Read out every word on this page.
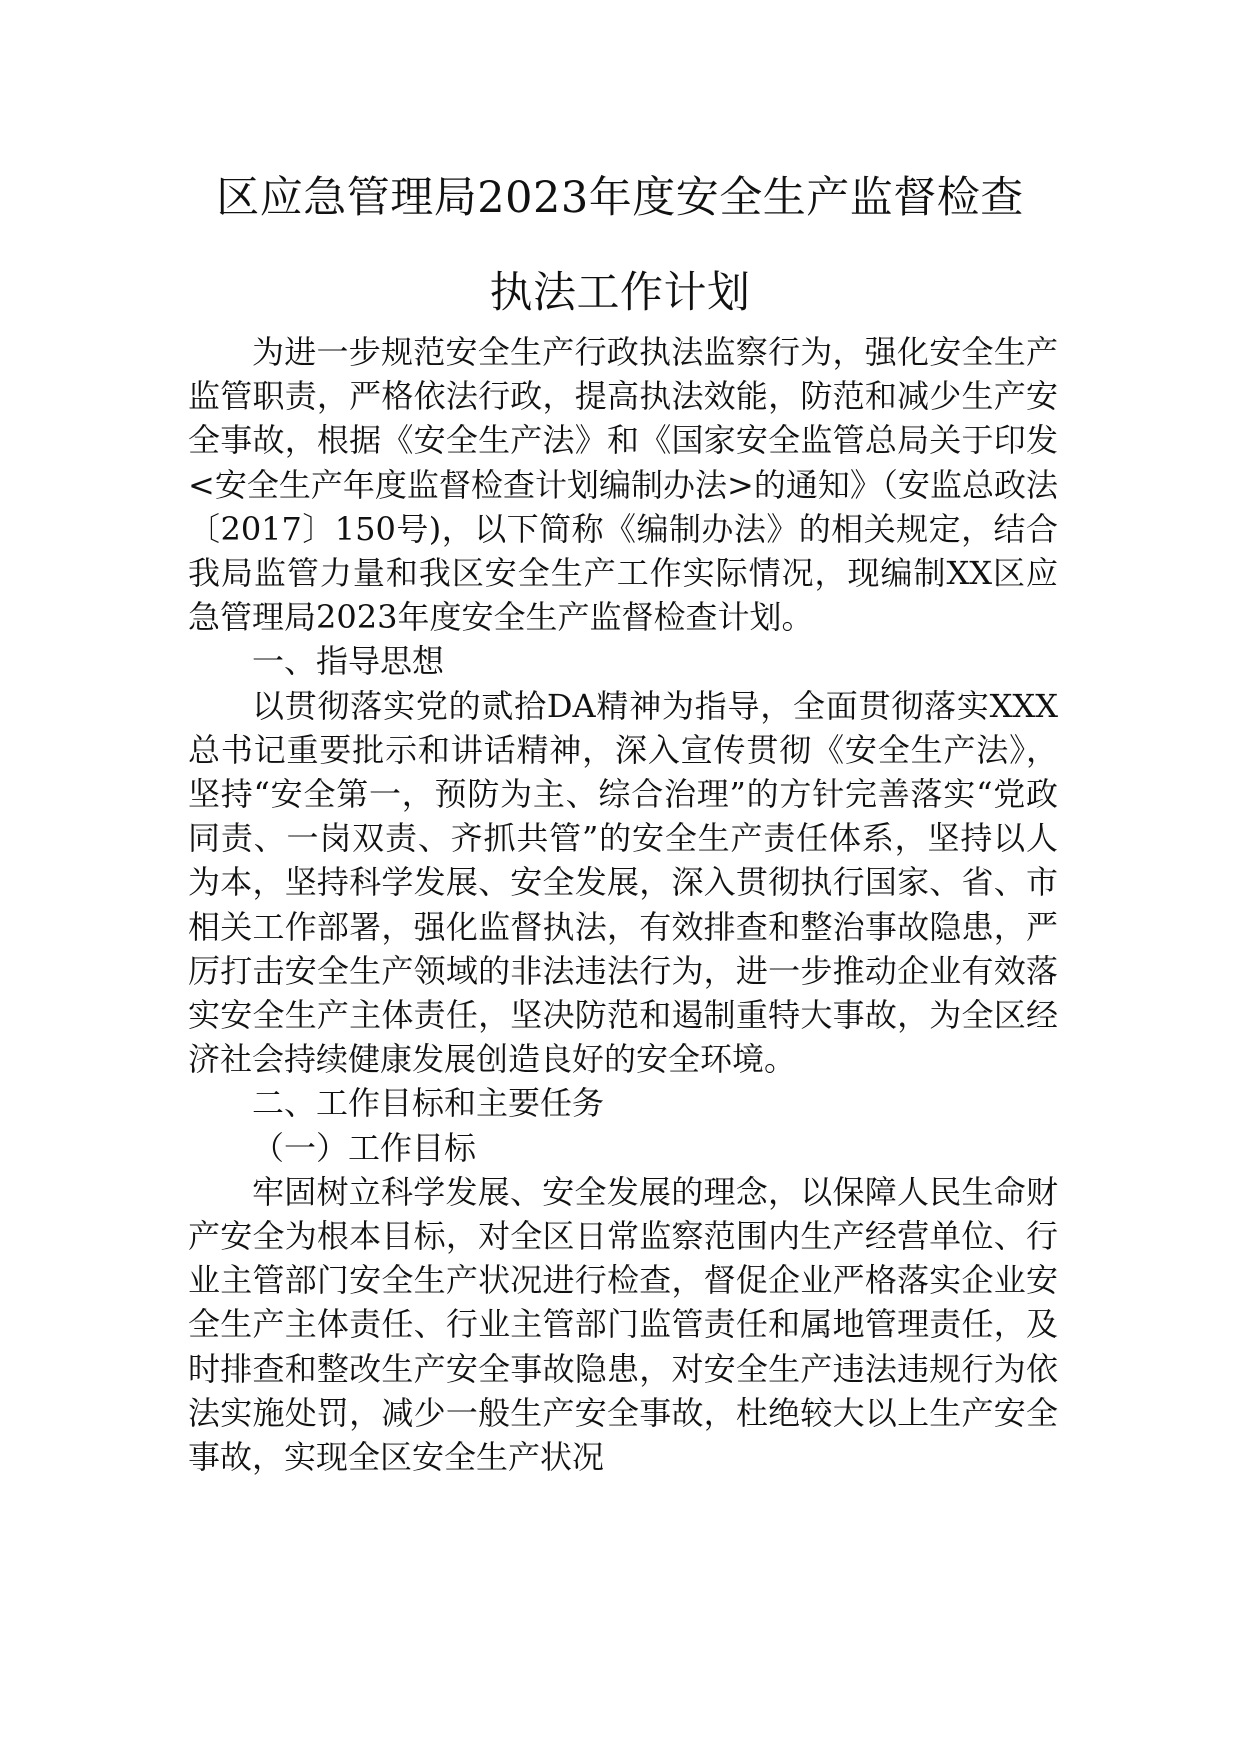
区应急管理局2023年度安全生产监督检查
执法工作计划

为进一步规范安全生产行政执法监察行为，强化安全生产监管职责，严格依法行政，提高执法效能，防范和减少生产安全事故，根据《安全生产法》和《国家安全监管总局关于印发<安全生产年度监督检查计划编制办法>的通知》（安监总政法〔2017〕150号)，以下简称《编制办法》的相关规定，结合我局监管力量和我区安全生产工作实际情况，现编制XX区应急管理局2023年度安全生产监督检查计划。

一、指导思想

以贯彻落实党的贰拾DA精神为指导，全面贯彻落实XXX总书记重要批示和讲话精神，深入宣传贯彻《安全生产法》，坚持“安全第一，预防为主、综合治理”的方针完善落实“党政同责、一岗双责、齐抓共管”的安全生产责任体系，坚持以人为本，坚持科学发展、安全发展，深入贯彻执行国家、省、市相关工作部署，强化监督执法，有效排查和整治事故隐患，严厉打击安全生产领域的非法违法行为，进一步推动企业有效落实安全生产主体责任，坚决防范和遏制重特大事故，为全区经济社会持续健康发展创造良好的安全环境。

二、工作目标和主要任务

（一）工作目标

牢固树立科学发展、安全发展的理念，以保障人民生命财产安全为根本目标，对全区日常监察范围内生产经营单位、行业主管部门安全生产状况进行检查，督促企业严格落实企业安全生产主体责任、行业主管部门监管责任和属地管理责任，及时排查和整改生产安全事故隐患，对安全生产违法违规行为依法实施处罚，减少一般生产安全事故，杜绝较大以上生产安全事故，实现全区安全生产状况
